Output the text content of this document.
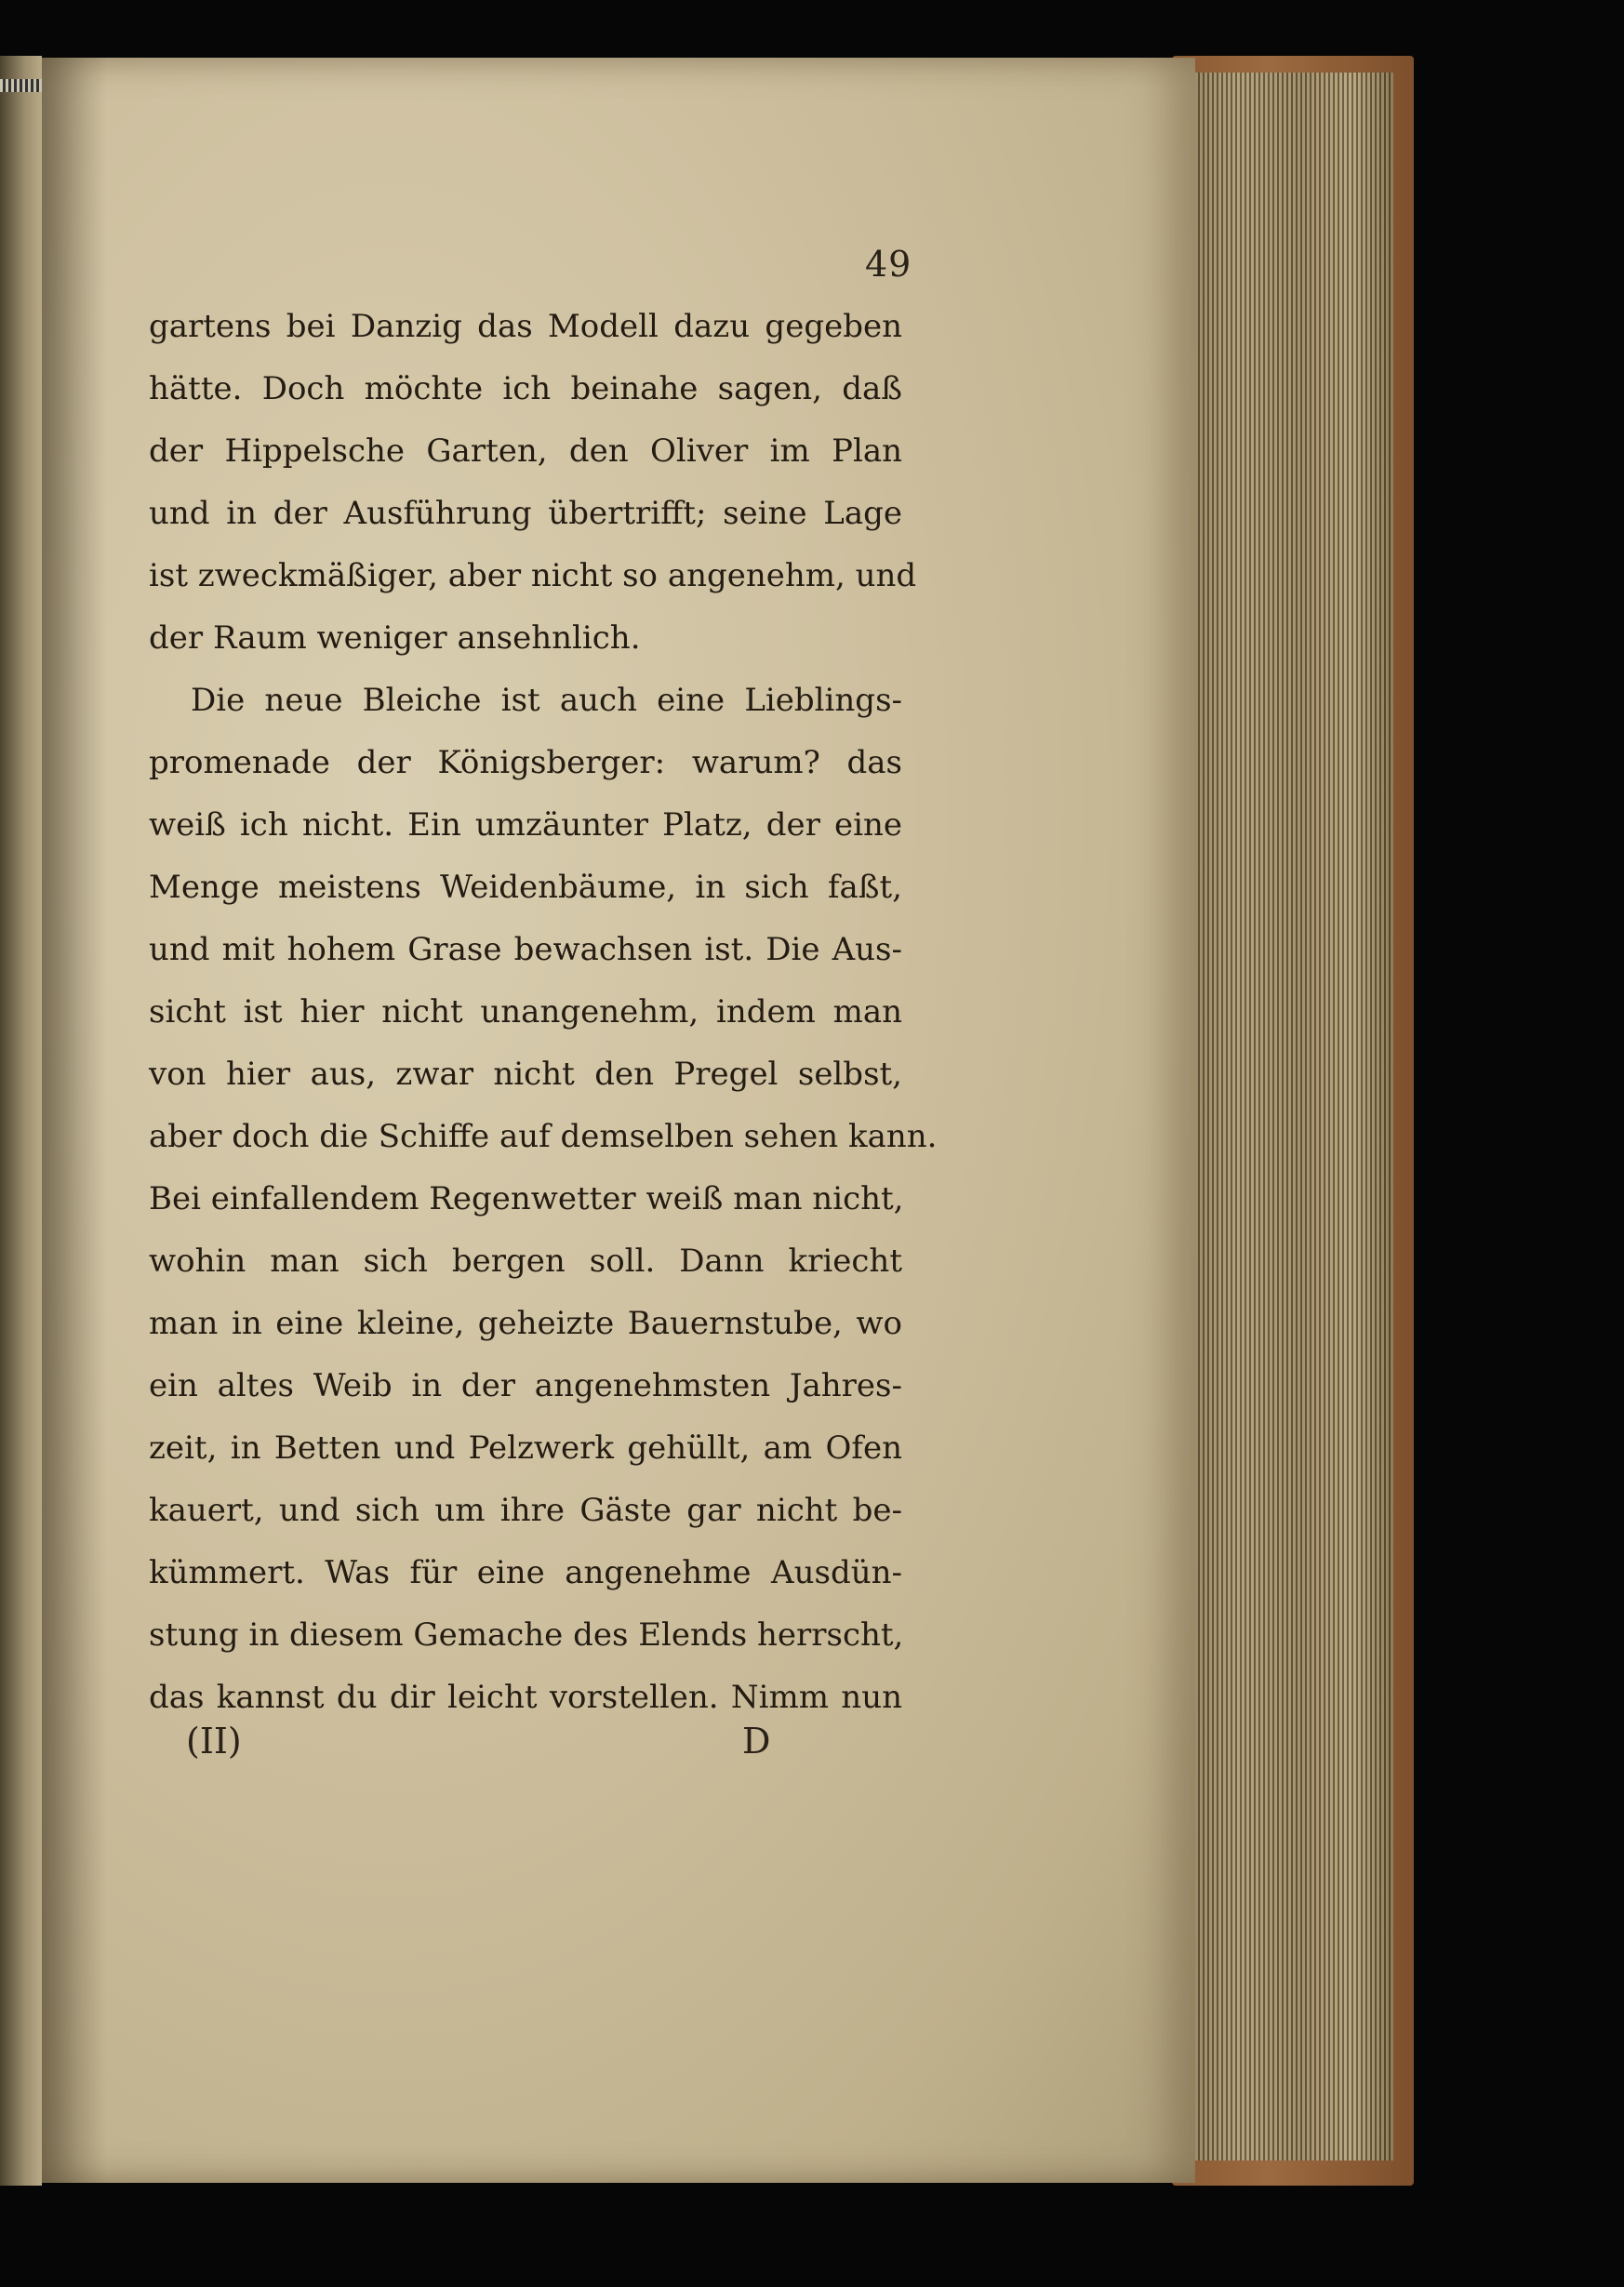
49
gartens bei Danzig das Modell dazu gegeben
hätte. Doch möchte ich beinahe sagen, daß
der Hippelsche Garten, den Oliver im Plan
und in der Ausführung übertrifft; seine Lage
ist zweckmäßiger, aber nicht so angenehm, und
der Raum weniger ansehnlich.
Die neue Bleiche ist auch eine Lieblings-
promenade der Königsberger: warum? das
weiß ich nicht. Ein umzäunter Platz, der eine
Menge meistens Weidenbäume, in sich faßt,
und mit hohem Grase bewachsen ist. Die Aus-
sicht ist hier nicht unangenehm, indem man
von hier aus, zwar nicht den Pregel selbst,
aber doch die Schiffe auf demselben sehen kann.
Bei einfallendem Regenwetter weiß man nicht,
wohin man sich bergen soll. Dann kriecht
man in eine kleine, geheizte Bauernstube, wo
ein altes Weib in der angenehmsten Jahres-
zeit, in Betten und Pelzwerk gehüllt, am Ofen
kauert, und sich um ihre Gäste gar nicht be-
kümmert. Was für eine angenehme Ausdün-
stung in diesem Gemache des Elends herrscht,
das kannst du dir leicht vorstellen. Nimm nun
(II)	D
